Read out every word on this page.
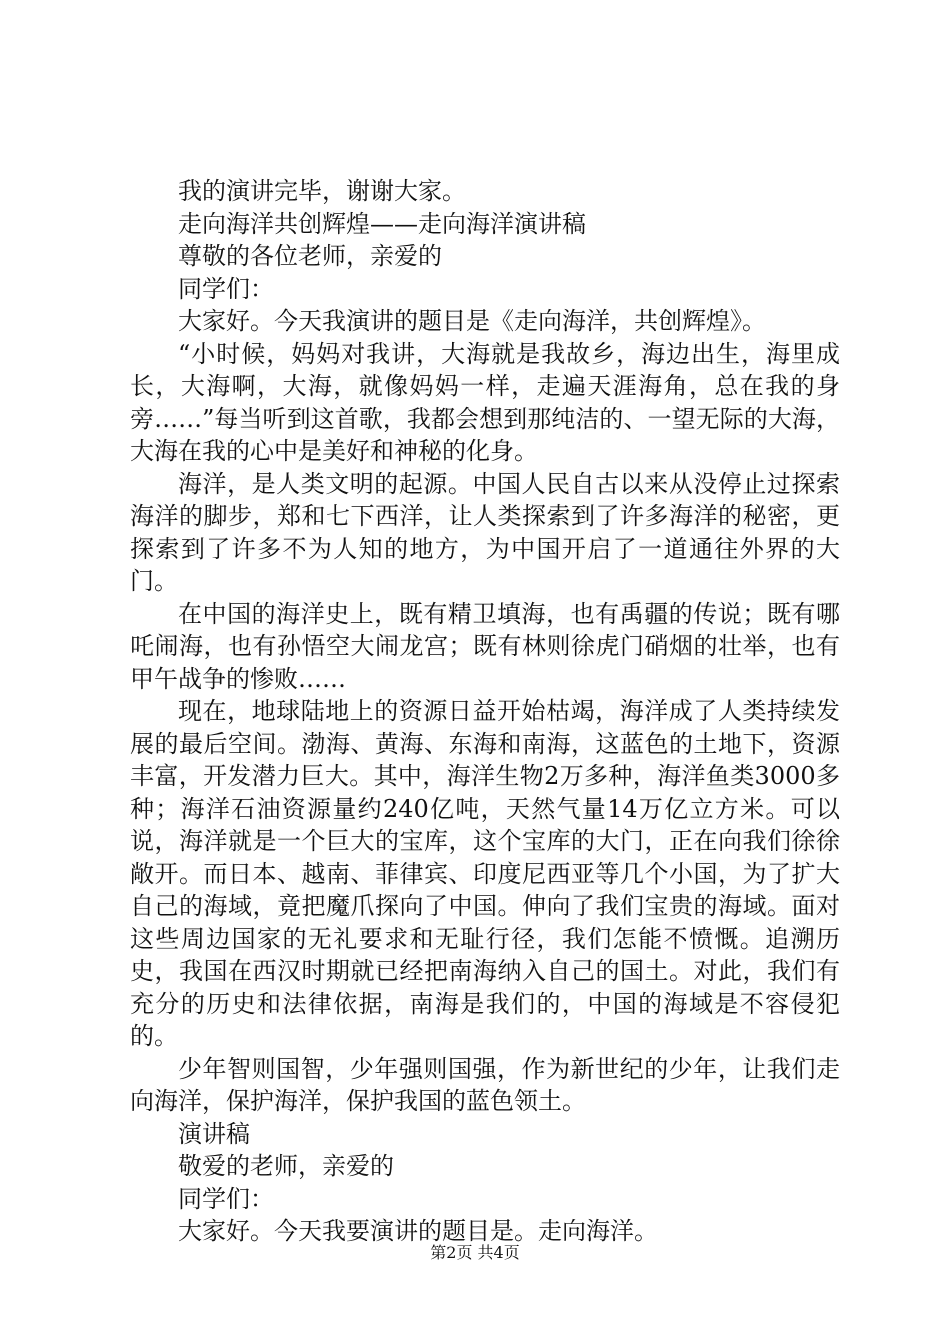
我的演讲完毕，谢谢大家。
走向海洋共创辉煌——走向海洋演讲稿
尊敬的各位老师，亲爱的
同学们：
大家好。今天我演讲的题目是《走向海洋，共创辉煌》。
“小时候，妈妈对我讲，大海就是我故乡，海边出生，海里成长，大海啊，大海，就像妈妈一样，走遍天涯海角，总在我的身旁……”每当听到这首歌，我都会想到那纯洁的、一望无际的大海，大海在我的心中是美好和神秘的化身。
海洋，是人类文明的起源。中国人民自古以来从没停止过探索海洋的脚步，郑和七下西洋，让人类探索到了许多海洋的秘密，更探索到了许多不为人知的地方，为中国开启了一道通往外界的大门。
在中国的海洋史上，既有精卫填海，也有禹疆的传说；既有哪吒闹海，也有孙悟空大闹龙宫；既有林则徐虎门硝烟的壮举，也有甲午战争的惨败……
现在，地球陆地上的资源日益开始枯竭，海洋成了人类持续发展的最后空间。渤海、黄海、东海和南海，这蓝色的土地下，资源丰富，开发潜力巨大。其中，海洋生物2万多种，海洋鱼类3000多种；海洋石油资源量约240亿吨，天然气量14万亿立方米。可以说，海洋就是一个巨大的宝库，这个宝库的大门，正在向我们徐徐敞开。而日本、越南、菲律宾、印度尼西亚等几个小国，为了扩大自己的海域，竟把魔爪探向了中国。伸向了我们宝贵的海域。面对这些周边国家的无礼要求和无耻行径，我们怎能不愤慨。追溯历史，我国在西汉时期就已经把南海纳入自己的国土。对此，我们有充分的历史和法律依据，南海是我们的，中国的海域是不容侵犯的。
少年智则国智，少年强则国强，作为新世纪的少年，让我们走向海洋，保护海洋，保护我国的蓝色领土。
演讲稿
敬爱的老师，亲爱的
同学们：
大家好。今天我要演讲的题目是。走向海洋。
第2页 共4页
